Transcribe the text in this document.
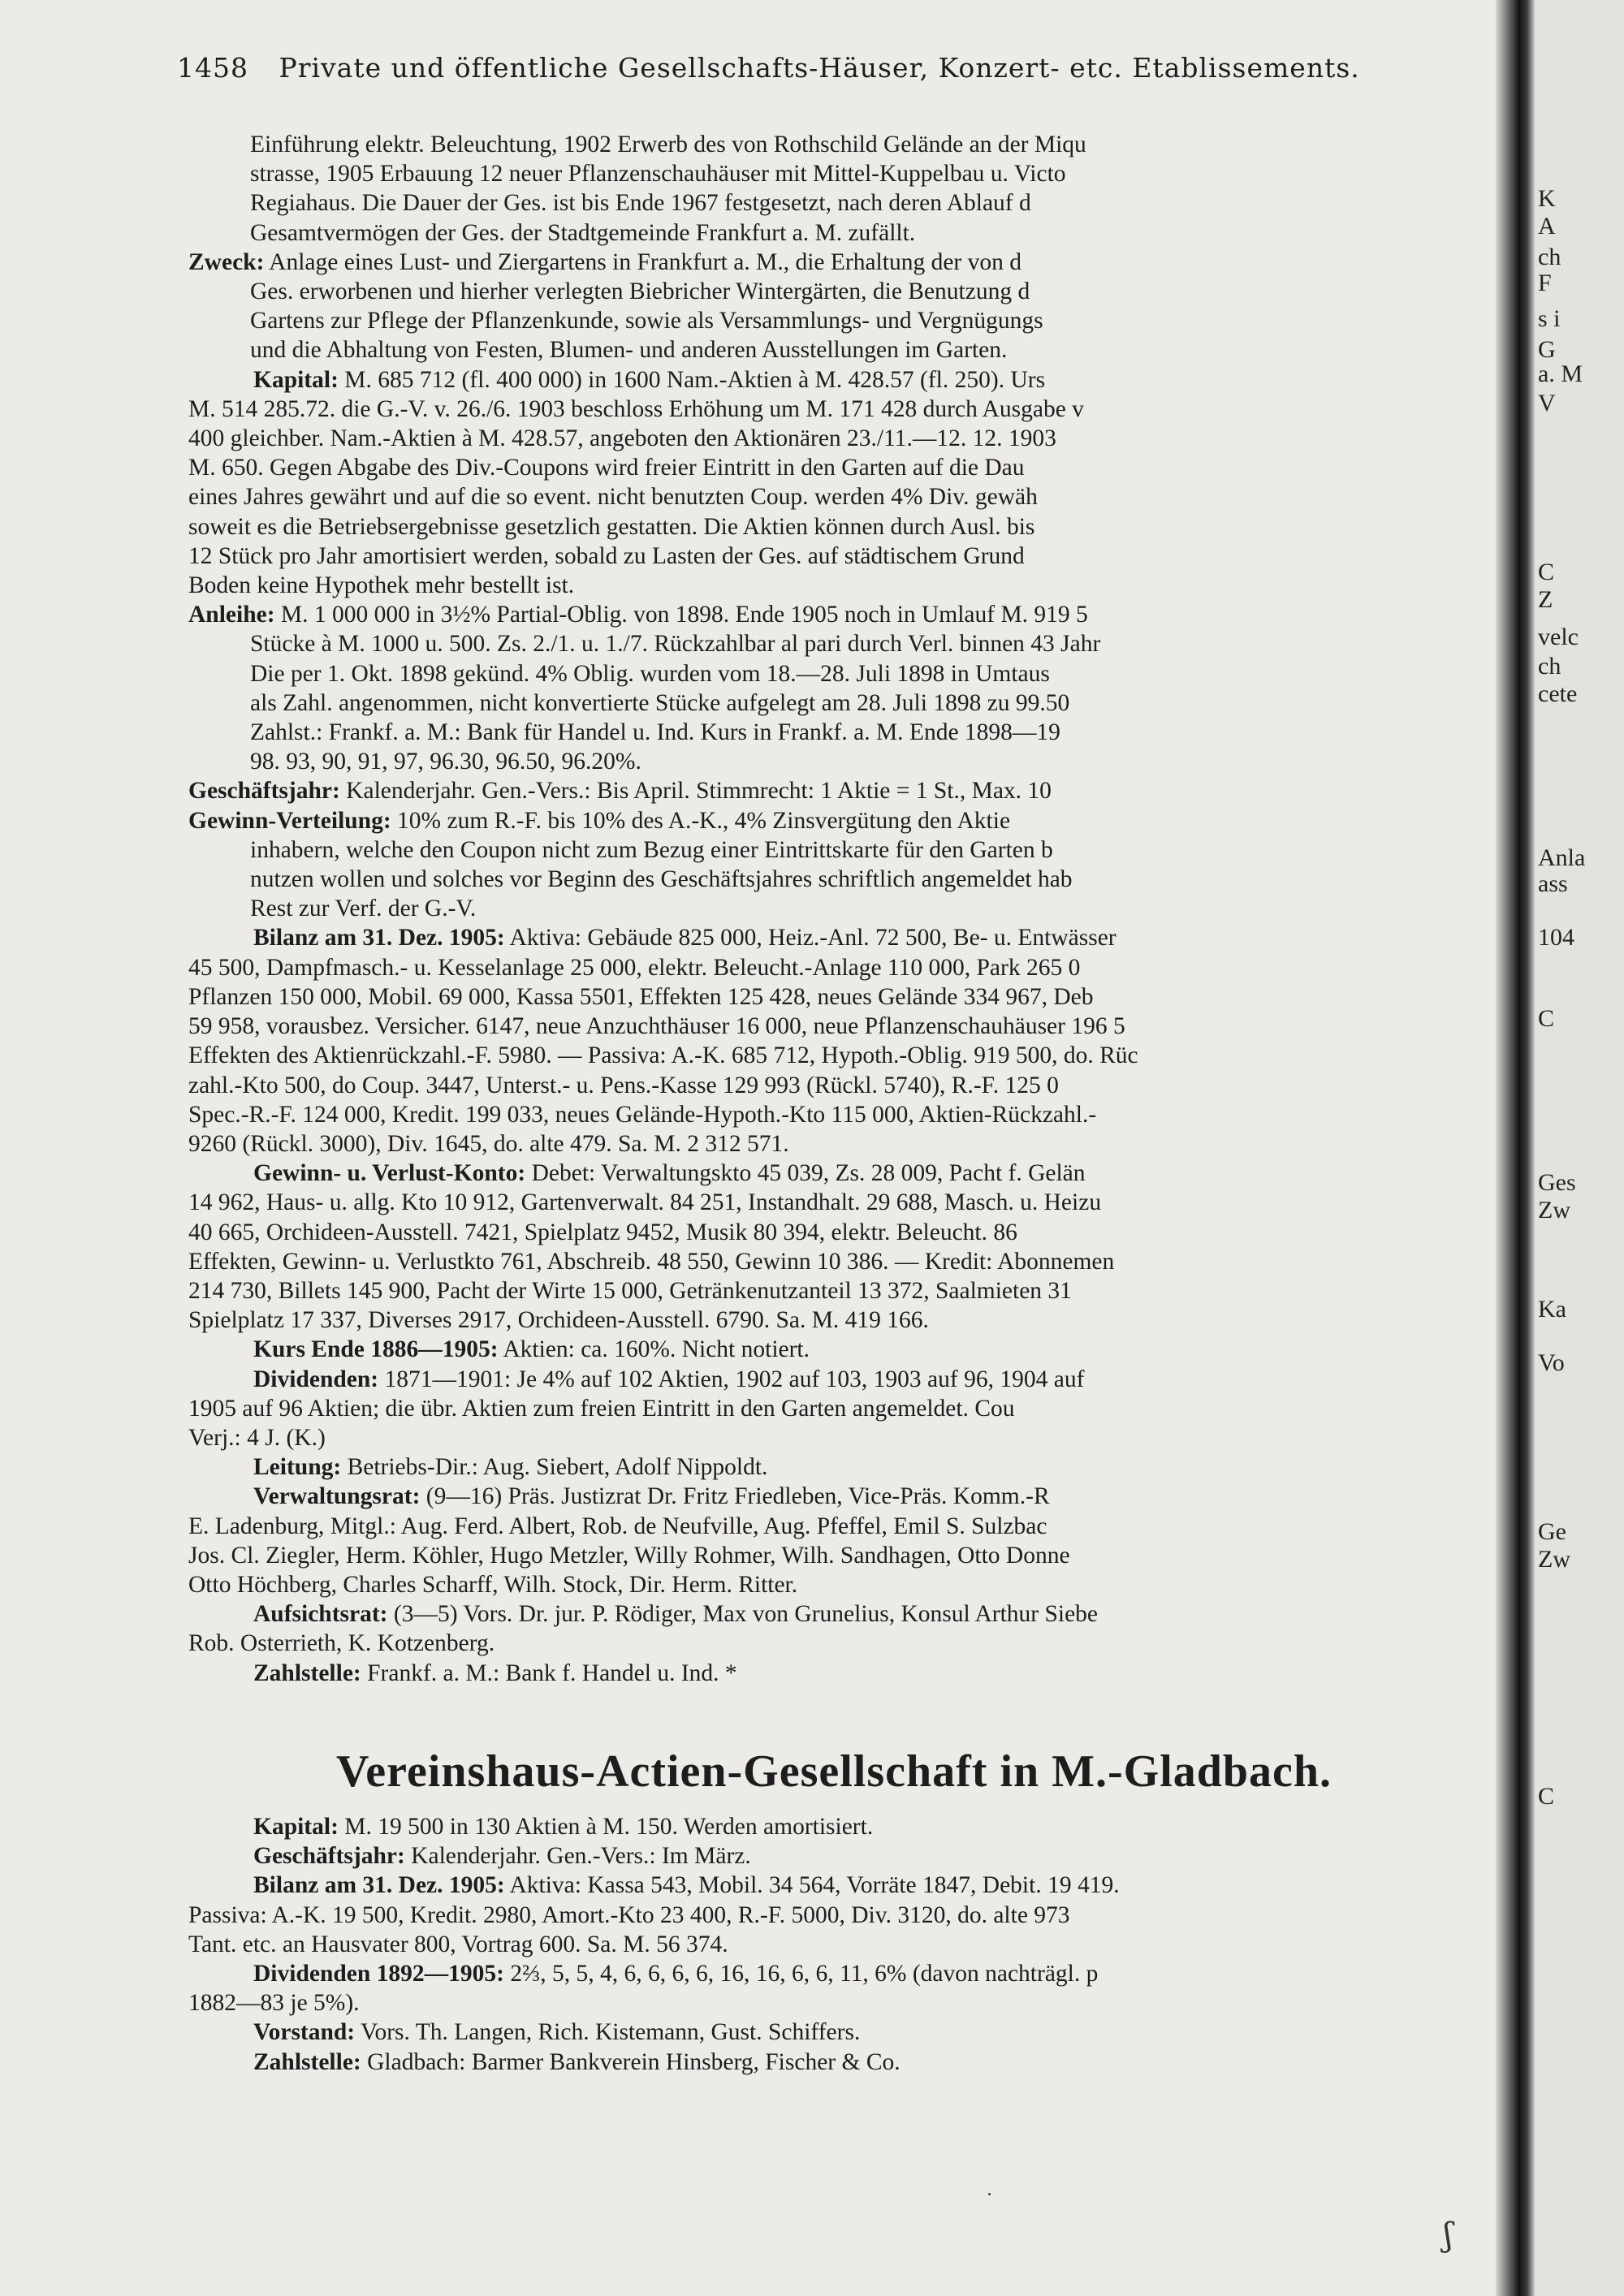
1458 Private und öffentliche Gesellschafts-Häuser, Konzert- etc. Etablissements.
Einführung elektr. Beleuchtung, 1902 Erwerb des von Rothschild Gelände an der Miqu
strasse, 1905 Erbauung 12 neuer Pflanzenschauhäuser mit Mittel-Kuppelbau u. Victo
Regiahaus. Die Dauer der Ges. ist bis Ende 1967 festgesetzt, nach deren Ablauf d
Gesamtvermögen der Ges. der Stadtgemeinde Frankfurt a. M. zufällt.
Zweck: Anlage eines Lust- und Ziergartens in Frankfurt a. M., die Erhaltung der von d
Ges. erworbenen und hierher verlegten Biebricher Wintergärten, die Benutzung d
Gartens zur Pflege der Pflanzenkunde, sowie als Versammlungs- und Vergnügungs
und die Abhaltung von Festen, Blumen- und anderen Ausstellungen im Garten.
Kapital: M. 685 712 (fl. 400 000) in 1600 Nam.-Aktien à M. 428.57 (fl. 250). Urs
M. 514 285.72. die G.-V. v. 26./6. 1903 beschloss Erhöhung um M. 171 428 durch Ausgabe v
400 gleichber. Nam.-Aktien à M. 428.57, angeboten den Aktionären 23./11.—12. 12. 1903
M. 650. Gegen Abgabe des Div.-Coupons wird freier Eintritt in den Garten auf die Dau
eines Jahres gewährt und auf die so event. nicht benutzten Coup. werden 4% Div. gewäh
soweit es die Betriebsergebnisse gesetzlich gestatten. Die Aktien können durch Ausl. bis
12 Stück pro Jahr amortisiert werden, sobald zu Lasten der Ges. auf städtischem Grund
Boden keine Hypothek mehr bestellt ist.
Anleihe: M. 1 000 000 in 3½% Partial-Oblig. von 1898. Ende 1905 noch in Umlauf M. 919 5
Stücke à M. 1000 u. 500. Zs. 2./1. u. 1./7. Rückzahlbar al pari durch Verl. binnen 43 Jahr
Die per 1. Okt. 1898 gekünd. 4% Oblig. wurden vom 18.—28. Juli 1898 in Umtaus
als Zahl. angenommen, nicht konvertierte Stücke aufgelegt am 28. Juli 1898 zu 99.50
Zahlst.: Frankf. a. M.: Bank für Handel u. Ind. Kurs in Frankf. a. M. Ende 1898—19
98. 93, 90, 91, 97, 96.30, 96.50, 96.20%.
Geschäftsjahr: Kalenderjahr. Gen.-Vers.: Bis April. Stimmrecht: 1 Aktie = 1 St., Max. 10
Gewinn-Verteilung: 10% zum R.-F. bis 10% des A.-K., 4% Zinsvergütung den Aktie
inhabern, welche den Coupon nicht zum Bezug einer Eintrittskarte für den Garten b
nutzen wollen und solches vor Beginn des Geschäftsjahres schriftlich angemeldet hab
Rest zur Verf. der G.-V.
Bilanz am 31. Dez. 1905: Aktiva: Gebäude 825 000, Heiz.-Anl. 72 500, Be- u. Entwässer
45 500, Dampfmasch.- u. Kesselanlage 25 000, elektr. Beleucht.-Anlage 110 000, Park 265 0
Pflanzen 150 000, Mobil. 69 000, Kassa 5501, Effekten 125 428, neues Gelände 334 967, Deb
59 958, vorausbez. Versicher. 6147, neue Anzuchthäuser 16 000, neue Pflanzenschauhäuser 196 5
Effekten des Aktienrückzahl.-F. 5980. — Passiva: A.-K. 685 712, Hypoth.-Oblig. 919 500, do. Rüc
zahl.-Kto 500, do Coup. 3447, Unterst.- u. Pens.-Kasse 129 993 (Rückl. 5740), R.-F. 125 0
Spec.-R.-F. 124 000, Kredit. 199 033, neues Gelände-Hypoth.-Kto 115 000, Aktien-Rückzahl.-
9260 (Rückl. 3000), Div. 1645, do. alte 479. Sa. M. 2 312 571.
Gewinn- u. Verlust-Konto: Debet: Verwaltungskto 45 039, Zs. 28 009, Pacht f. Gelän
14 962, Haus- u. allg. Kto 10 912, Gartenverwalt. 84 251, Instandhalt. 29 688, Masch. u. Heizu
40 665, Orchideen-Ausstell. 7421, Spielplatz 9452, Musik 80 394, elektr. Beleucht. 86
Effekten, Gewinn- u. Verlustkto 761, Abschreib. 48 550, Gewinn 10 386. — Kredit: Abonnemen
214 730, Billets 145 900, Pacht der Wirte 15 000, Getränkenutzanteil 13 372, Saalmieten 31
Spielplatz 17 337, Diverses 2917, Orchideen-Ausstell. 6790. Sa. M. 419 166.
Kurs Ende 1886—1905: Aktien: ca. 160%. Nicht notiert.
Dividenden: 1871—1901: Je 4% auf 102 Aktien, 1902 auf 103, 1903 auf 96, 1904 auf
1905 auf 96 Aktien; die übr. Aktien zum freien Eintritt in den Garten angemeldet. Cou
Verj.: 4 J. (K.)
Leitung: Betriebs-Dir.: Aug. Siebert, Adolf Nippoldt.
Verwaltungsrat: (9—16) Präs. Justizrat Dr. Fritz Friedleben, Vice-Präs. Komm.-R
E. Ladenburg, Mitgl.: Aug. Ferd. Albert, Rob. de Neufville, Aug. Pfeffel, Emil S. Sulzbac
Jos. Cl. Ziegler, Herm. Köhler, Hugo Metzler, Willy Rohmer, Wilh. Sandhagen, Otto Donne
Otto Höchberg, Charles Scharff, Wilh. Stock, Dir. Herm. Ritter.
Aufsichtsrat: (3—5) Vors. Dr. jur. P. Rödiger, Max von Grunelius, Konsul Arthur Siebe
Rob. Osterrieth, K. Kotzenberg.
Zahlstelle: Frankf. a. M.: Bank f. Handel u. Ind. *
Vereinshaus-Actien-Gesellschaft in M.-Gladbach.
Kapital: M. 19 500 in 130 Aktien à M. 150. Werden amortisiert.
Geschäftsjahr: Kalenderjahr. Gen.-Vers.: Im März.
Bilanz am 31. Dez. 1905: Aktiva: Kassa 543, Mobil. 34 564, Vorräte 1847, Debit. 19 419.
Passiva: A.-K. 19 500, Kredit. 2980, Amort.-Kto 23 400, R.-F. 5000, Div. 3120, do. alte 973
Tant. etc. an Hausvater 800, Vortrag 600. Sa. M. 56 374.
Dividenden 1892—1905: 2⅔, 5, 5, 4, 6, 6, 6, 6, 16, 16, 6, 6, 11, 6% (davon nachträgl. p
1882—83 je 5%).
Vorstand: Vors. Th. Langen, Rich. Kistemann, Gust. Schiffers.
Zahlstelle: Gladbach: Barmer Bankverein Hinsberg, Fischer & Co.
˙
ʃ
K
A
ch
F
s i
G
a. M
V
C
Z
velc
ch
cete
Anla
ass
104
C
Ges
Zw
Ka
Vo
Ge
Zw
C
